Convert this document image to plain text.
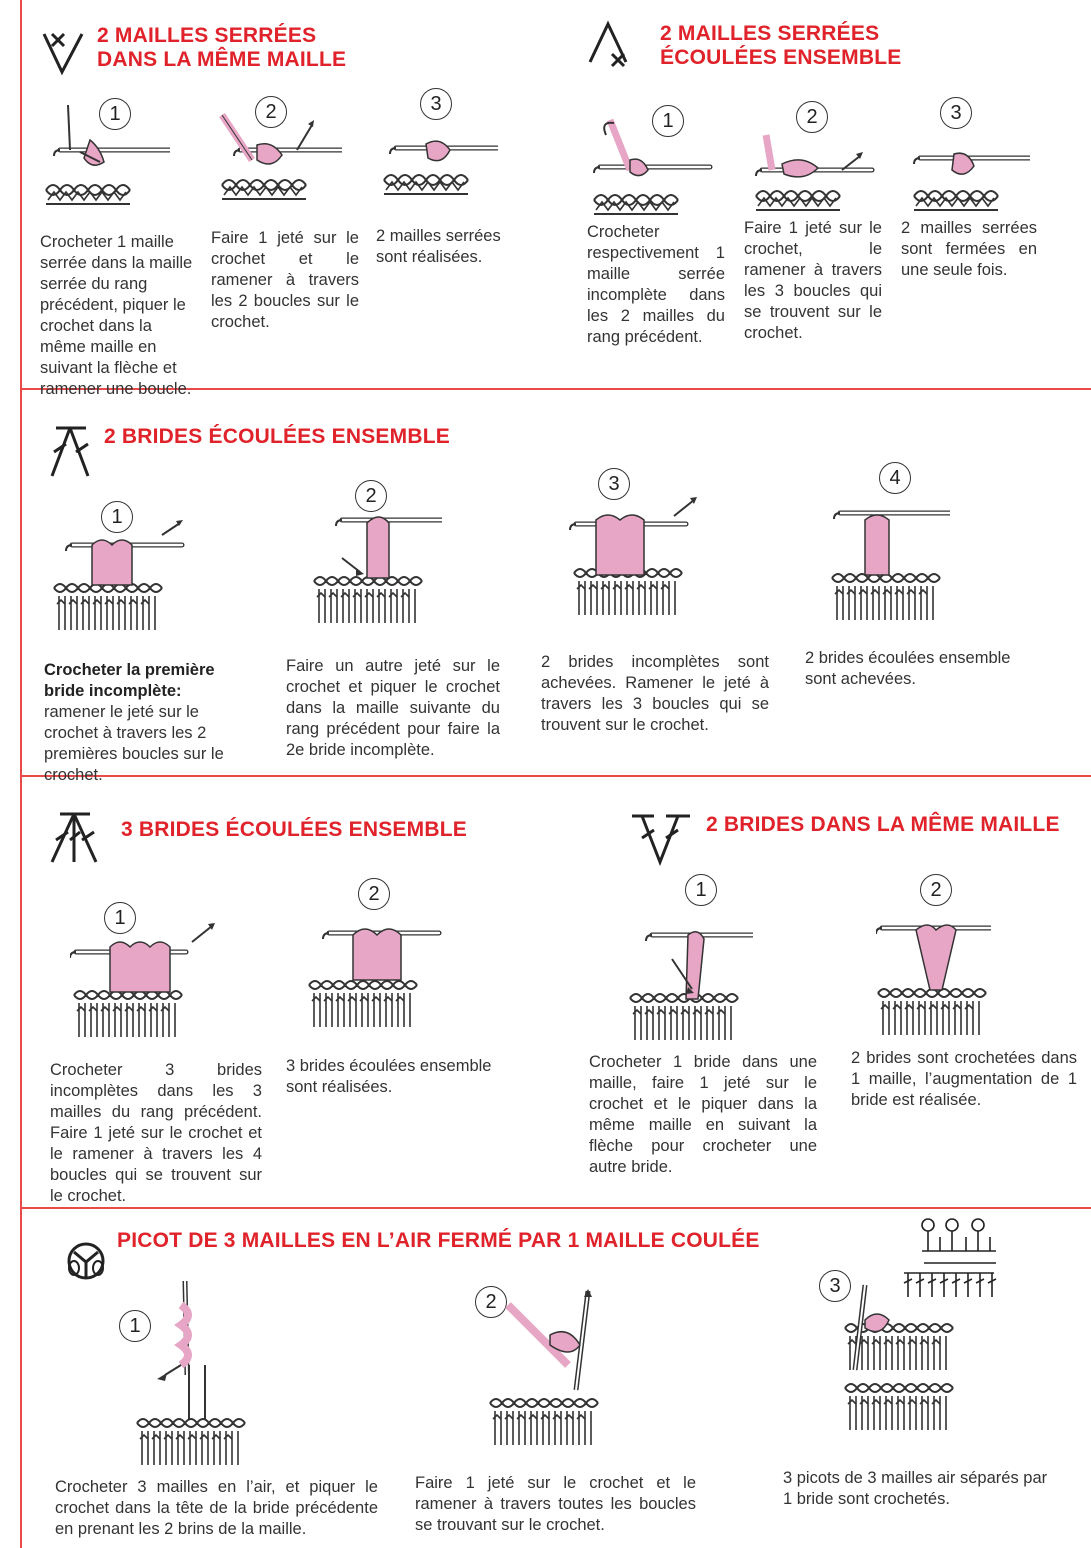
2 MAILLES SERRÉES
DANS LA MÊME MAILLE
1
Crocheter 1 maille serrée dans la maille serrée du rang précédent, piquer le crochet dans la même maille en suivant la flèche et ramener une boucle.
2
Faire 1 jeté sur le crochet et le ramener à travers les 2 boucles sur le crochet.
3
2 mailles serrées sont réalisées.
2 MAILLES SERRÉES
ÉCOULÉES ENSEMBLE
1
Crocheter respectivement 1 maille serrée incomplète dans les 2 mailles du rang précédent.
2
Faire 1 jeté sur le crochet, le ramener à travers les 3 boucles qui se trouvent sur le crochet.
3
2 mailles serrées sont fermées en une seule fois.
2 BRIDES ÉCOULÉES ENSEMBLE
1
Crocheter la première bride incomplète: ramener le jeté sur le crochet à travers les 2 premières boucles sur le crochet.
2
Faire un autre jeté sur le crochet et piquer le crochet dans la maille suivante du rang précédent pour faire la 2e bride incomplète.
3
2 brides incomplètes sont achevées. Ramener le jeté à travers les 3 boucles qui se trouvent sur le crochet.
4
2 brides écoulées ensemble sont achevées.
3 BRIDES ÉCOULÉES ENSEMBLE
1
Crocheter 3 brides incomplètes dans les 3 mailles du rang précédent. Faire 1 jeté sur le crochet et le ramener à travers les 4 boucles qui se trouvent sur le crochet.
2
3 brides écoulées ensemble sont réalisées.
2 BRIDES DANS LA MÊME MAILLE
1
Crocheter 1 bride dans une maille, faire 1 jeté sur le crochet et le piquer dans la même maille en suivant la flèche pour crocheter une autre bride.
2
2 brides sont crochetées dans 1 maille, l’augmentation de 1 bride est réalisée.
PICOT DE 3 MAILLES EN L’AIR FERMÉ PAR 1 MAILLE COULÉE
1
Crocheter 3 mailles en l’air, et piquer le crochet dans la tête de la bride précédente en prenant les 2 brins de la maille.
2
Faire 1 jeté sur le crochet et le ramener à travers toutes les boucles se trouvant sur le crochet.
3
3 picots de 3 mailles air séparés par 1 bride sont crochetés.
